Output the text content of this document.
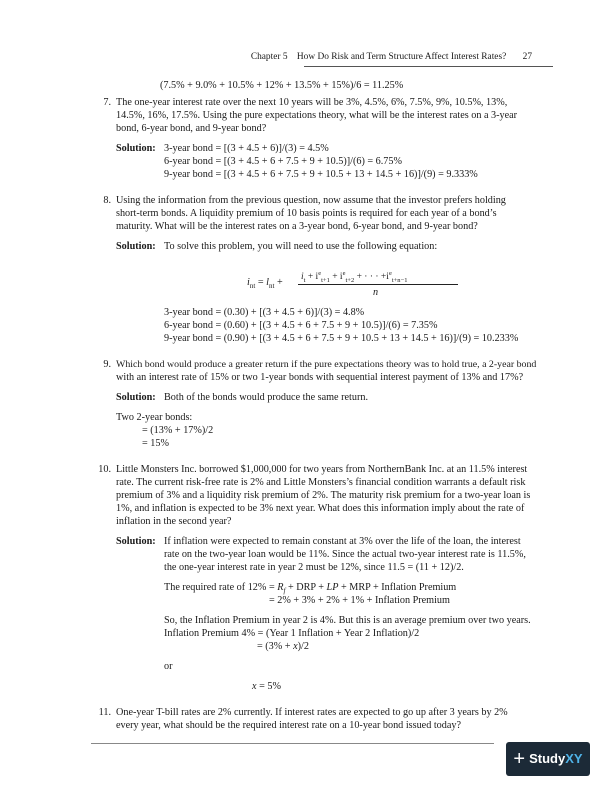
Chapter 5 How Do Risk and Term Structure Affect Interest Rates? 27
(7.5% + 9.0% + 10.5% + 12% + 13.5% + 15%)/6 = 11.25%
7. The one-year interest rate over the next 10 years will be 3%, 4.5%, 6%, 7.5%, 9%, 10.5%, 13%,
14.5%, 16%, 17.5%. Using the pure expectations theory, what will be the interest rates on a 3-year
bond, 6-year bond, and 9-year bond?
Solution: 3-year bond = [(3 + 4.5 + 6)]/(3) = 4.5%
6-year bond = [(3 + 4.5 + 6 + 7.5 + 9 + 10.5)]/(6) = 6.75%
9-year bond = [(3 + 4.5 + 6 + 7.5 + 9 + 10.5 + 13 + 14.5 + 16)]/(9) = 9.333%
8. Using the information from the previous question, now assume that the investor prefers holding
short-term bonds. A liquidity premium of 10 basis points is required for each year of a bond’s
maturity. What will be the interest rates on a 3-year bond, 6-year bond, and 9-year bond?
Solution: To solve this problem, you will need to use the following equation:
$i_{nt} = l_{nt} + i_t + i^e_{t+1} + i^e_{t+2}$ + · · · $+i^e_{t+n-1}$
n
3-year bond = (0.30) + [(3 + 4.5 + 6)]/(3) = 4.8%
6-year bond = (0.60) + [(3 + 4.5 + 6 + 7.5 + 9 + 10.5)]/(6) = 7.35%
9-year bond = (0.90) + [(3 + 4.5 + 6 + 7.5 + 9 + 10.5 + 13 + 14.5 + 16)]/(9) = 10.233%
9. Which bond would produce a greater return if the pure expectations theory was to hold true, a 2-year bond
with an interest rate of 15% or two 1-year bonds with sequential interest payment of 13% and 17%?
Solution: Both of the bonds would produce the same return.
Two 2-year bonds:
= (13% + 17%)/2
= 15%
10. Little Monsters Inc. borrowed $1,000,000 for two years from NorthernBank Inc. at an 11.5% interest
rate. The current risk-free rate is 2% and Little Monsters’s financial condition warrants a default risk
premium of 3% and a liquidity risk premium of 2%. The maturity risk premium for a two-year loan is
1%, and inflation is expected to be 3% next year. What does this information imply about the rate of
inflation in the second year?
Solution: If inflation were expected to remain constant at 3% over the life of the loan, the interest
rate on the two-year loan would be 11%. Since the actual two-year interest rate is 11.5%,
the one-year interest rate in year 2 must be 12%, since 11.5 = (11 + 12)/2.
The required rate of $12\% = R_f$ + DRP + LP + MRP + Inflation Premium
= 2% + 3% + 2% + 1% + Inflation Premium
So, the Inflation Premium in year 2 is 4%. But this is an average premium over two years.
Inflation Premium 4% = (Year 1 Inflation + Year 2 Inflation)/2
= (3% + x)/2
or
x = 5%
11. One-year T-bill rates are 2% currently. If interest rates are expected to go up after 3 years by 2%
every year, what should be the required interest rate on a 10-year bond issued today?
+ Study XY
